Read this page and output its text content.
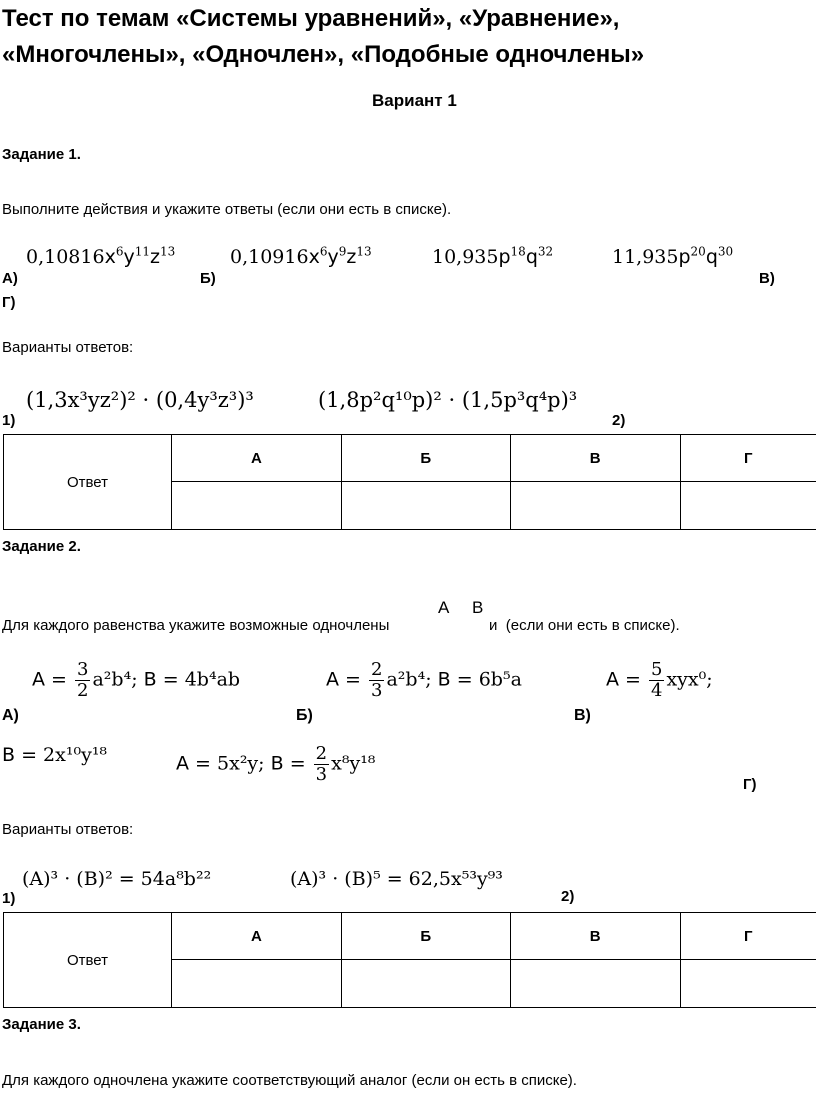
Тест по темам «Системы уравнений», «Уравнение»,
«Многочлены», «Одночлен», «Подобные одночлены»
Вариант 1
Задание 1.
Выполните действия и укажите ответы (если они есть в списке).
$0,10816x^6y^{11}z^{13}$	$0,10916x^6y^9z^{13}$	$10,935p^{18}q^{32}$	$11,935p^{20}q^{30}$
А)	Б)	В)
Г)
Варианты ответов:
(1,3x³yz²)² · (0,4y³z³)³	(1,8p²q¹⁰p)² · (1,5p³q⁴p)³
1)	2)
Ответ	А	Б	В	Г

Задание 2.
Для каждого равенства укажите возможные одночлены
A B
и (если они есть в списке).
$A = \frac{3}{2} a^2b^4$; B = 4b⁴ab	$A = \frac{2}{3} a^2b^4$; B = 6b⁵a	$A = \frac{5}{4} xyx^0$;
А)	Б)	В)
B = 2x¹⁰y¹⁸	A = 5x²y; $B = \frac{2}{3} x^8y^{18}$
Г)
Варианты ответов:
(A)³ · (B)² = 54a⁸b²²	(A)³ · (B)⁵ = 62,5x⁵³y⁹³
1)	2)
Ответ	А	Б	В	Г

Задание 3.
Для каждого одночлена укажите соответствующий аналог (если он есть в списке).
